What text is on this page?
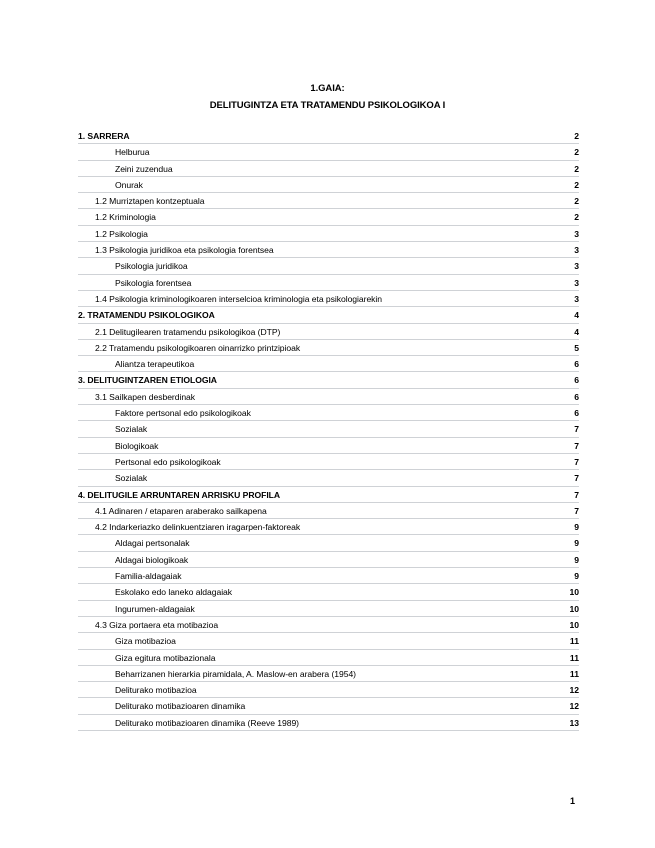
1.GAIA:
DELITUGINTZA ETA TRATAMENDU PSIKOLOGIKOA I
1. SARRERA	2
Helburua	2
Zeini zuzendua	2
Onurak	2
1.2 Murriztapen kontzeptuala	2
1.2 Kriminologia	2
1.2 Psikologia	3
1.3 Psikologia juridikoa eta psikologia forentsea	3
Psikologia juridikoa	3
Psikologia forentsea	3
1.4 Psikologia kriminologikoaren interselcioa kriminologia eta psikologiarekin	3
2. TRATAMENDU PSIKOLOGIKOA	4
2.1 Delitugilearen tratamendu psikologikoa (DTP)	4
2.2 Tratamendu psikologikoaren oinarrizko printzipioak	5
Aliantza terapeutikoa	6
3. DELITUGINTZAREN ETIOLOGIA	6
3.1 Sailkapen desberdinak	6
Faktore pertsonal edo psikologikoak	6
Sozialak	7
Biologikoak	7
Pertsonal edo psikologikoak	7
Sozialak	7
4. DELITUGILE ARRUNTAREN ARRISKU PROFILA	7
4.1 Adinaren / etaparen araberako sailkapena	7
4.2 Indarkeriazko delinkuentziaren iragarpen-faktoreak	9
Aldagai pertsonalak	9
Aldagai biologikoak	9
Familia-aldagaiak	9
Eskolako edo laneko aldagaiak	10
Ingurumen-aldagaiak	10
4.3 Giza portaera eta motibazioa	10
Giza motibazioa	11
Giza egitura motibazionala	11
Beharrizanen hierarkia piramidala, A. Maslow-en arabera (1954)	11
Deliturako motibazioa	12
Deliturako motibazioaren dinamika	12
Deliturako motibazioaren dinamika (Reeve 1989)	13
1
